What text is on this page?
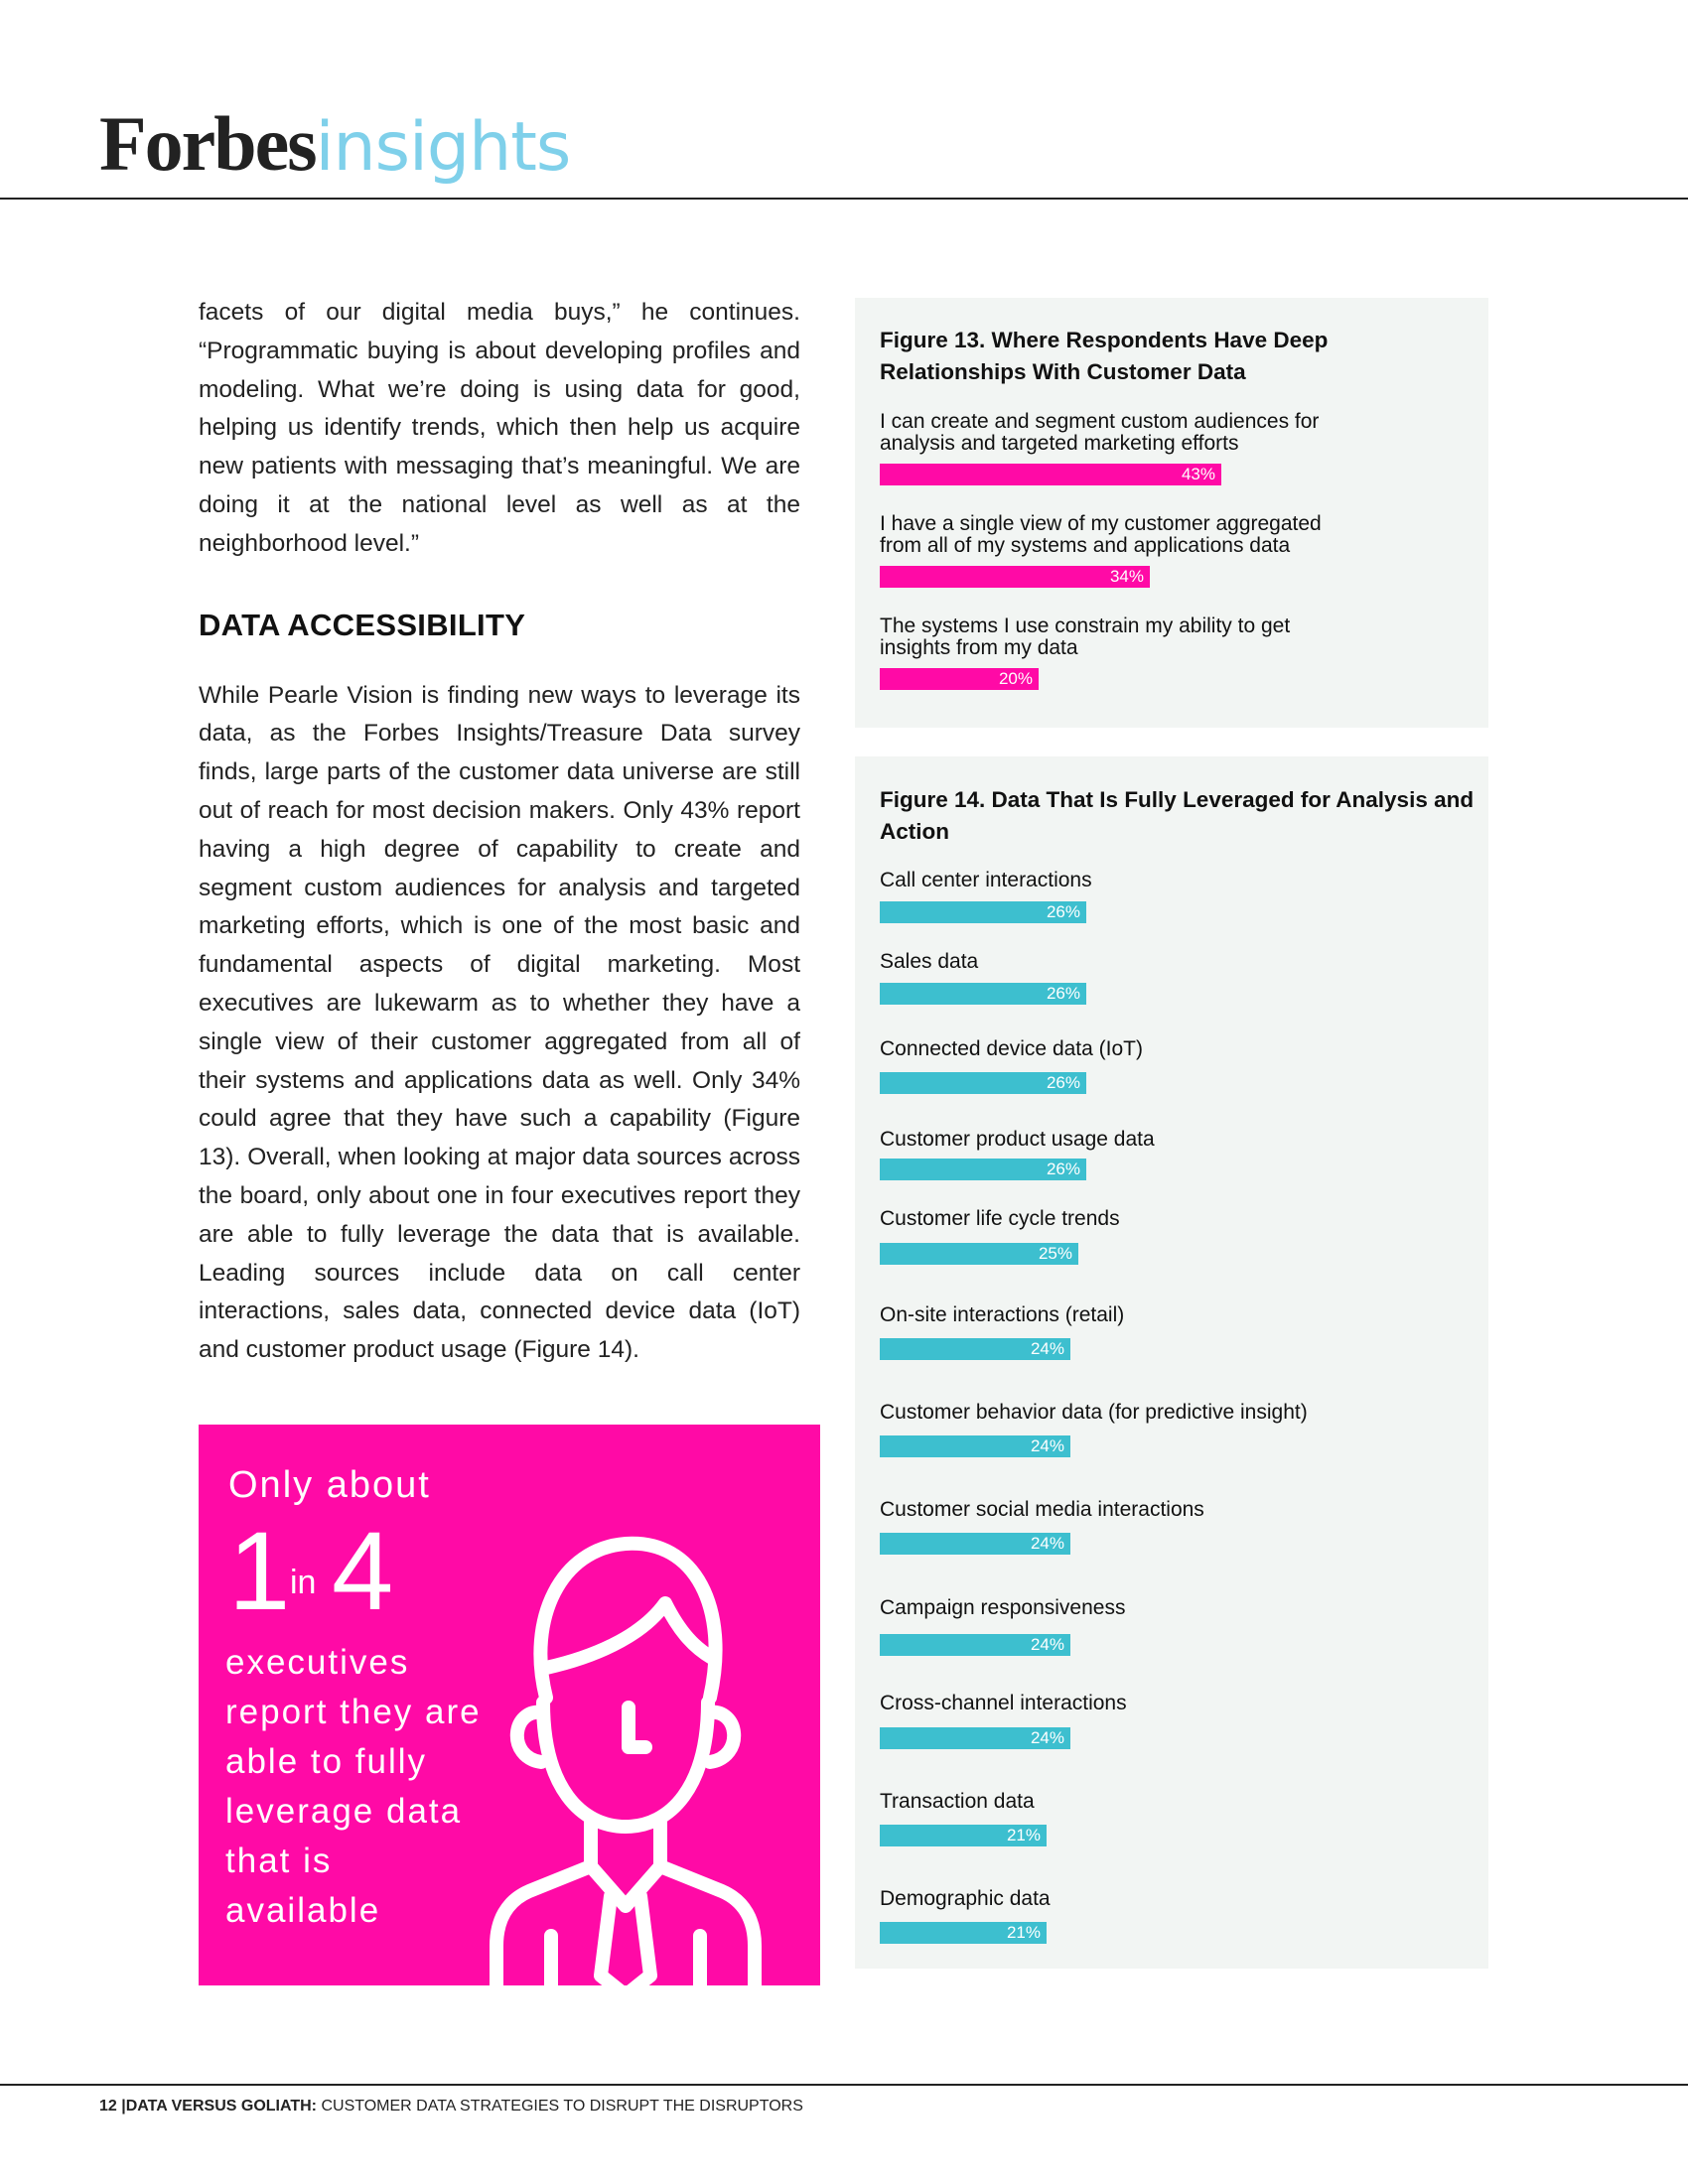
Forbesinsights

facets of our digital media buys,” he continues. “Programmatic buying is about developing profiles and modeling. What we’re doing is using data for good, helping us identify trends, which then help us acquire new patients with messaging that’s meaningful. We are doing it at the national level as well as at the neighborhood level.”

DATA ACCESSIBILITY

While Pearle Vision is finding new ways to leverage its data, as the Forbes Insights/Treasure Data survey finds, large parts of the customer data universe are still out of reach for most decision makers. Only 43% report having a high degree of capability to create and segment custom audiences for analysis and targeted marketing efforts, which is one of the most basic and fundamental aspects of digital marketing. Most executives are lukewarm as to whether they have a single view of their customer aggregated from all of their systems and applications data as well. Only 34% could agree that they have such a capability (Figure 13). Overall, when looking at major data sources across the board, only about one in four executives report they are able to fully leverage the data that is available. Leading sources include data on call center interactions, sales data, connected device data (IoT) and customer product usage (Figure 14).

Only about
1 in 4
executives report they are able to fully leverage data that is available
Figure 13. Where Respondents Have Deep Relationships With Customer Data
I can create and segment custom audiences for analysis and targeted marketing efforts
43%
I have a single view of my customer aggregated from all of my systems and applications data
34%
The systems I use constrain my ability to get insights from my data
20%
Figure 14. Data That Is Fully Leveraged for Analysis and Action
Call center interactions
26%
Sales data
26%
Connected device data (IoT)
26%
Customer product usage data
26%
Customer life cycle trends
25%
On-site interactions (retail)
24%
Customer behavior data (for predictive insight)
24%
Customer social media interactions
24%
Campaign responsiveness
24%
Cross-channel interactions
24%
Transaction data
21%
Demographic data
21%
12 |DATA VERSUS GOLIATH: CUSTOMER DATA STRATEGIES TO DISRUPT THE DISRUPTORS
